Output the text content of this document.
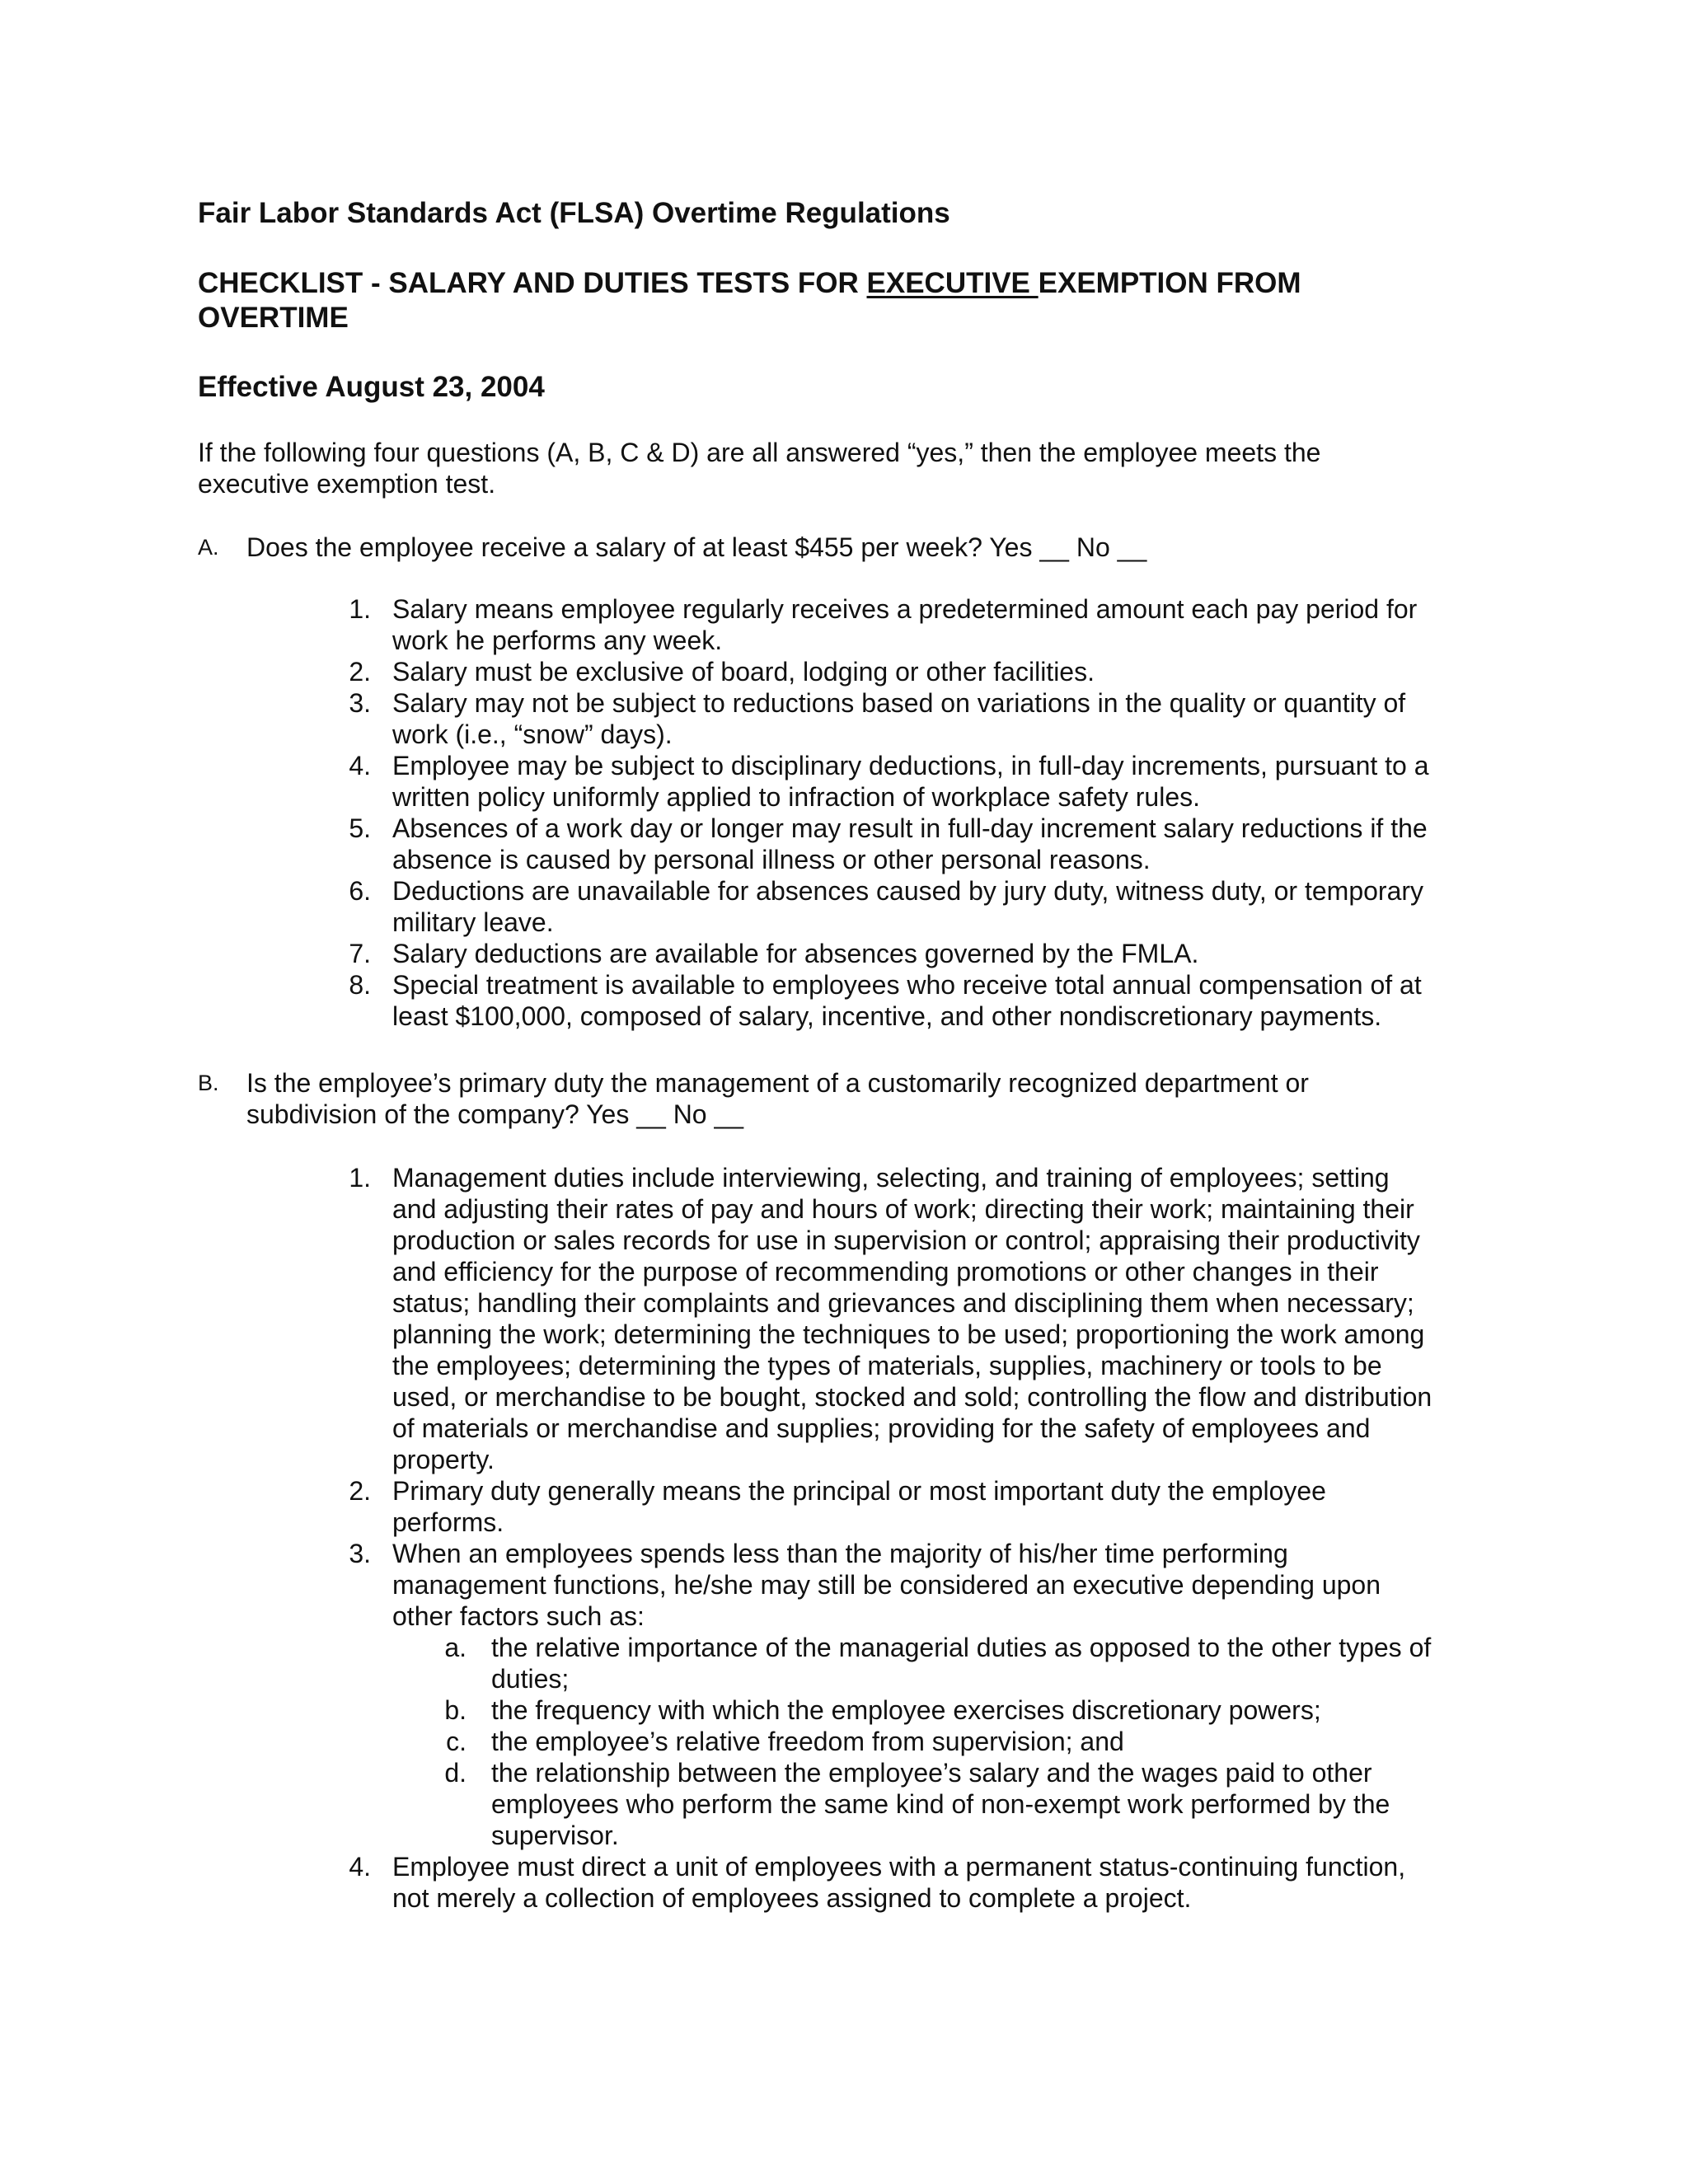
Fair Labor Standards Act (FLSA) Overtime Regulations
CHECKLIST - SALARY AND DUTIES TESTS FOR EXECUTIVE EXEMPTION FROM
OVERTIME
Effective August 23, 2004
If the following four questions (A, B, C & D) are all answered “yes,” then the employee meets the
executive exemption test.
A. Does the employee receive a salary of at least $455 per week? Yes __ No __
1. Salary means employee regularly receives a predetermined amount each pay period for
work he performs any week.
2. Salary must be exclusive of board, lodging or other facilities.
3. Salary may not be subject to reductions based on variations in the quality or quantity of
work (i.e., “snow” days).
4. Employee may be subject to disciplinary deductions, in full-day increments, pursuant to a
written policy uniformly applied to infraction of workplace safety rules.
5. Absences of a work day or longer may result in full-day increment salary reductions if the
absence is caused by personal illness or other personal reasons.
6. Deductions are unavailable for absences caused by jury duty, witness duty, or temporary
military leave.
7. Salary deductions are available for absences governed by the FMLA.
8. Special treatment is available to employees who receive total annual compensation of at
least $100,000, composed of salary, incentive, and other nondiscretionary payments.
B. Is the employee’s primary duty the management of a customarily recognized department or
subdivision of the company? Yes __ No __
1. Management duties include interviewing, selecting, and training of employees; setting
and adjusting their rates of pay and hours of work; directing their work; maintaining their
production or sales records for use in supervision or control; appraising their productivity
and efficiency for the purpose of recommending promotions or other changes in their
status; handling their complaints and grievances and disciplining them when necessary;
planning the work; determining the techniques to be used; proportioning the work among
the employees; determining the types of materials, supplies, machinery or tools to be
used, or merchandise to be bought, stocked and sold; controlling the flow and distribution
of materials or merchandise and supplies; providing for the safety of employees and
property.
2. Primary duty generally means the principal or most important duty the employee
performs.
3. When an employees spends less than the majority of his/her time performing
management functions, he/she may still be considered an executive depending upon
other factors such as:
4. Employee must direct a unit of employees with a permanent status-continuing function,
not merely a collection of employees assigned to complete a project.
a. the relative importance of the managerial duties as opposed to the other types of
duties;
b. the frequency with which the employee exercises discretionary powers;
c. the employee’s relative freedom from supervision; and
d. the relationship between the employee’s salary and the wages paid to other
employees who perform the same kind of non-exempt work performed by the
supervisor.
